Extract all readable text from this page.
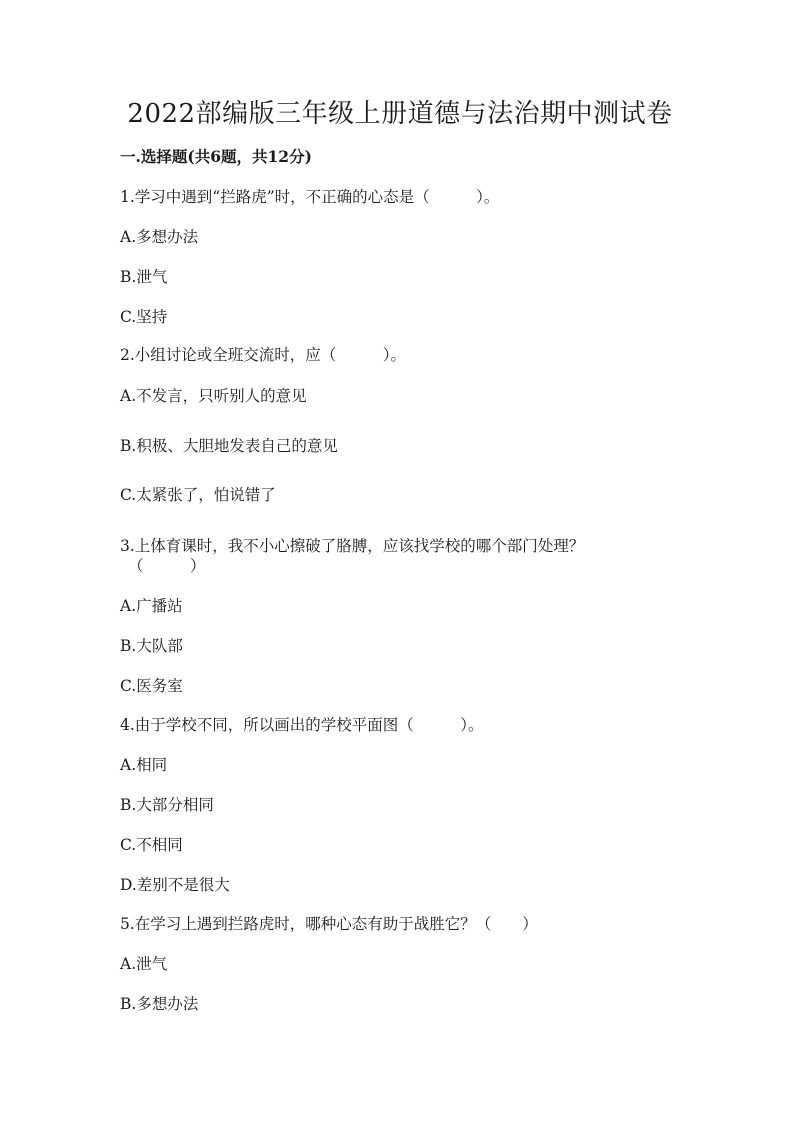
2022部编版三年级上册道德与法治期中测试卷
一.选择题(共6题，共12分)
1.学习中遇到“拦路虎”时，不正确的心态是（　　　）。
A.多想办法
B.泄气
C.坚持
2.小组讨论或全班交流时，应（　　　）。
A.不发言，只听别人的意见
B.积极、大胆地发表自己的意见
C.太紧张了，怕说错了
3.上体育课时，我不小心擦破了胳膊，应该找学校的哪个部门处理？
（　　　）
A.广播站
B.大队部
C.医务室
4.由于学校不同，所以画出的学校平面图（　　　）。
A.相同
B.大部分相同
C.不相同
D.差别不是很大
5.在学习上遇到拦路虎时，哪种心态有助于战胜它？（　　）
A.泄气
B.多想办法
